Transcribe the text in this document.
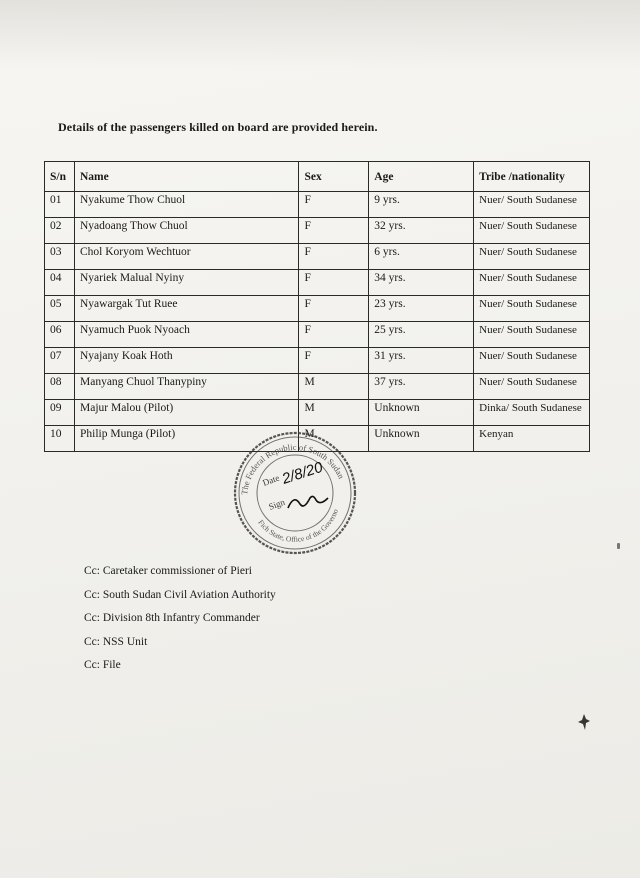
Details of the passengers killed on board are provided herein.
S/n	Name	Sex	Age	Tribe /nationality
01	Nyakume Thow Chuol	F	9 yrs.	Nuer/ South Sudanese
02	Nyadoang Thow Chuol	F	32 yrs.	Nuer/ South Sudanese
03	Chol Koryom Wechtuor	F	6 yrs.	Nuer/ South Sudanese
04	Nyariek Malual Nyiny	F	34 yrs.	Nuer/ South Sudanese
05	Nyawargak Tut Ruee	F	23 yrs.	Nuer/ South Sudanese
06	Nyamuch Puok Nyoach	F	25 yrs.	Nuer/ South Sudanese
07	Nyajany Koak Hoth	F	31 yrs.	Nuer/ South Sudanese
08	Manyang Chuol Thanypiny	M	37 yrs.	Nuer/ South Sudanese
09	Majur Malou (Pilot)	M	Unknown	Dinka/ South Sudanese
10	Philip Munga (Pilot)	M	Unknown	Kenyan
The Federal Republic of South Sudan
Fich State, Office of the Governo
Date 2/8/20
Sign
Cc: Caretaker commissioner of Pieri
Cc: South Sudan Civil Aviation Authority
Cc: Division 8th Infantry Commander
Cc: NSS Unit
Cc: File
